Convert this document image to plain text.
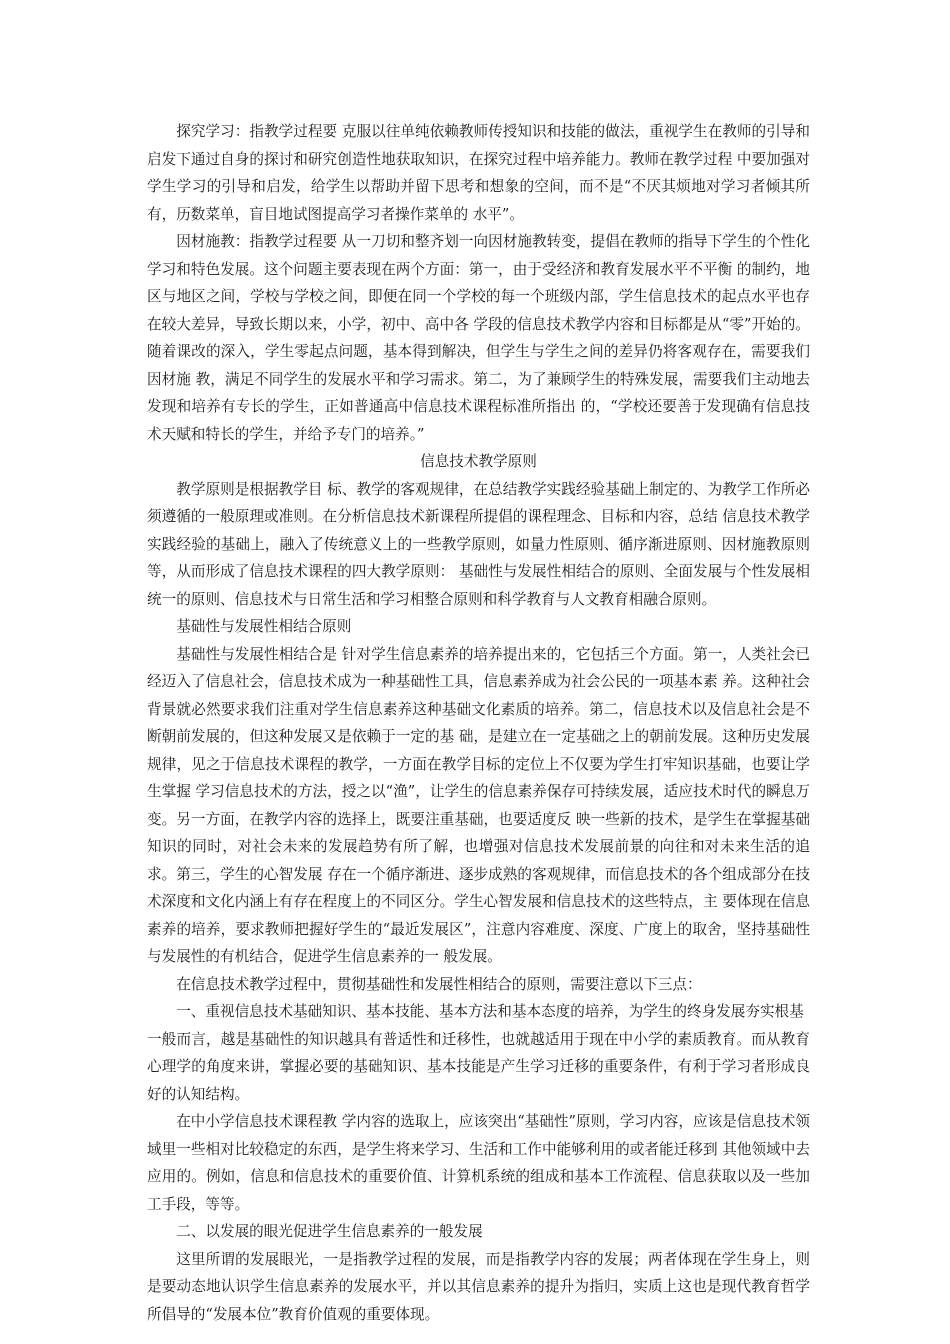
探究学习：指教学过程要 克服以往单纯依赖教师传授知识和技能的做法，重视学生在教师的引导和启发下通过自身的探讨和研究创造性地获取知识，在探究过程中培养能力。教师在教学过程 中要加强对学生学习的引导和启发，给学生以帮助并留下思考和想象的空间，而不是“不厌其烦地对学习者倾其所有，历数菜单，盲目地试图提高学习者操作菜单的 水平”。

因材施教：指教学过程要 从一刀切和整齐划一向因材施教转变，提倡在教师的指导下学生的个性化学习和特色发展。这个问题主要表现在两个方面：第一，由于受经济和教育发展水平不平衡 的制约，地区与地区之间，学校与学校之间，即便在同一个学校的每一个班级内部，学生信息技术的起点水平也存在较大差异，导致长期以来，小学，初中、高中各 学段的信息技术教学内容和目标都是从“零”开始的。随着课改的深入，学生零起点问题，基本得到解决，但学生与学生之间的差异仍将客观存在，需要我们因材施 教，满足不同学生的发展水平和学习需求。第二，为了兼顾学生的特殊发展，需要我们主动地去发现和培养有专长的学生，正如普通高中信息技术课程标准所指出 的，“学校还要善于发现确有信息技术天赋和特长的学生，并给予专门的培养。”

信息技术教学原则

教学原则是根据教学目 标、教学的客观规律，在总结教学实践经验基础上制定的、为教学工作所必须遵循的一般原理或准则。在分析信息技术新课程所提倡的课程理念、目标和内容，总结 信息技术教学实践经验的基础上，融入了传统意义上的一些教学原则，如量力性原则、循序渐进原则、因材施教原则等，从而形成了信息技术课程的四大教学原则： 基础性与发展性相结合的原则、全面发展与个性发展相统一的原则、信息技术与日常生活和学习相整合原则和科学教育与人文教育相融合原则。

基础性与发展性相结合原则

基础性与发展性相结合是 针对学生信息素养的培养提出来的，它包括三个方面。第一，人类社会已经迈入了信息社会，信息技术成为一种基础性工具，信息素养成为社会公民的一项基本素 养。这种社会背景就必然要求我们注重对学生信息素养这种基础文化素质的培养。第二，信息技术以及信息社会是不断朝前发展的，但这种发展又是依赖于一定的基 础，是建立在一定基础之上的朝前发展。这种历史发展规律，见之于信息技术课程的教学，一方面在教学目标的定位上不仅要为学生打牢知识基础，也要让学生掌握 学习信息技术的方法，授之以“渔”，让学生的信息素养保存可持续发展，适应技术时代的瞬息万变。另一方面，在教学内容的选择上，既要注重基础，也要适度反 映一些新的技术，是学生在掌握基础知识的同时，对社会未来的发展趋势有所了解，也增强对信息技术发展前景的向往和对未来生活的追求。第三，学生的心智发展 存在一个循序渐进、逐步成熟的客观规律，而信息技术的各个组成部分在技术深度和文化内涵上有存在程度上的不同区分。学生心智发展和信息技术的这些特点，主 要体现在信息素养的培养，要求教师把握好学生的“最近发展区”，注意内容难度、深度、广度上的取舍，坚持基础性与发展性的有机结合，促进学生信息素养的一 般发展。

在信息技术教学过程中，贯彻基础性和发展性相结合的原则，需要注意以下三点：

一、重视信息技术基础知识、基本技能、基本方法和基本态度的培养，为学生的终身发展夯实根基

一般而言，越是基础性的知识越具有普适性和迁移性，也就越适用于现在中小学的素质教育。而从教育心理学的角度来讲，掌握必要的基础知识、基本技能是产生学习迁移的重要条件，有利于学习者形成良好的认知结构。

在中小学信息技术课程教 学内容的选取上，应该突出“基础性”原则，学习内容，应该是信息技术领域里一些相对比较稳定的东西，是学生将来学习、生活和工作中能够利用的或者能迁移到 其他领域中去应用的。例如，信息和信息技术的重要价值、计算机系统的组成和基本工作流程、信息获取以及一些加工手段，等等。

二、以发展的眼光促进学生信息素养的一般发展

这里所谓的发展眼光，一是指教学过程的发展，而是指教学内容的发展；两者体现在学生身上，则是要动态地认识学生信息素养的发展水平，并以其信息素养的提升为指归，实质上这也是现代教育哲学所倡导的“发展本位”教育价值观的重要体现。
